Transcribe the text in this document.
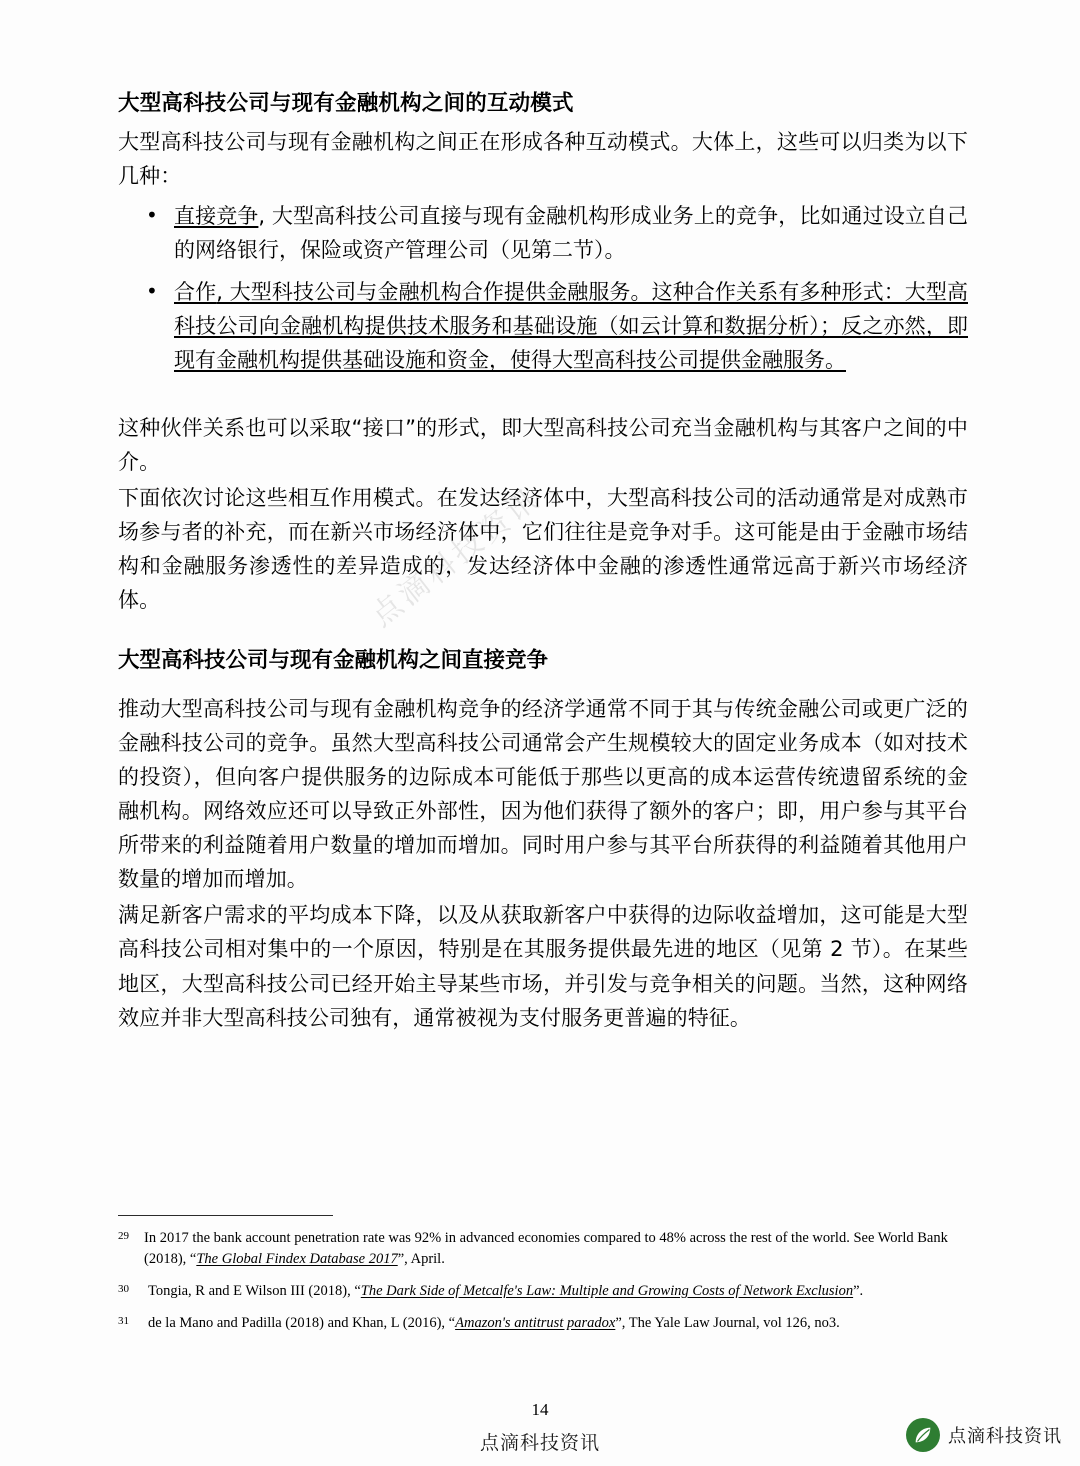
点滴科技资讯
大型高科技公司与现有金融机构之间的互动模式

大型高科技公司与现有金融机构之间正在形成各种互动模式。大体上，这些可以归类为以下几种：

• 直接竞争, 大型高科技公司直接与现有金融机构形成业务上的竞争，比如通过设立自己的网络银行，保险或资产管理公司（见第二节）。
• 合作, 大型科技公司与金融机构合作提供金融服务。这种合作关系有多种形式：大型高科技公司向金融机构提供技术服务和基础设施（如云计算和数据分析）；反之亦然，即现有金融机构提供基础设施和资金，使得大型高科技公司提供金融服务。

这种伙伴关系也可以采取“接口”的形式，即大型高科技公司充当金融机构与其客户之间的中介。

下面依次讨论这些相互作用模式。在发达经济体中，大型高科技公司的活动通常是对成熟市场参与者的补充，而在新兴市场经济体中，它们往往是竞争对手。这可能是由于金融市场结构和金融服务渗透性的差异造成的，发达经济体中金融的渗透性通常远高于新兴市场经济体。

大型高科技公司与现有金融机构之间直接竞争

推动大型高科技公司与现有金融机构竞争的经济学通常不同于其与传统金融公司或更广泛的金融科技公司的竞争。虽然大型高科技公司通常会产生规模较大的固定业务成本（如对技术的投资），但向客户提供服务的边际成本可能低于那些以更高的成本运营传统遗留系统的金融机构。网络效应还可以导致正外部性，因为他们获得了额外的客户；即，用户参与其平台所带来的利益随着用户数量的增加而增加。同时用户参与其平台所获得的利益随着其他用户数量的增加而增加。

满足新客户需求的平均成本下降，以及从获取新客户中获得的边际收益增加，这可能是大型高科技公司相对集中的一个原因，特别是在其服务提供最先进的地区（见第 2 节）。在某些地区，大型高科技公司已经开始主导某些市场，并引发与竞争相关的问题。当然，这种网络效应并非大型高科技公司独有，通常被视为支付服务更普遍的特征。

29	In 2017 the bank account penetration rate was 92% in advanced economies compared to 48% across the rest of the world. See World Bank (2018), “The Global Findex Database 2017”, April.
30	Tongia, R and E Wilson III (2018), “The Dark Side of Metcalfe's Law: Multiple and Growing Costs of Network Exclusion”.
31	de la Mano and Padilla (2018) and Khan, L (2016), “Amazon's antitrust paradox”, The Yale Law Journal, vol 126, no3.
14
点滴科技资讯	点滴科技资讯
